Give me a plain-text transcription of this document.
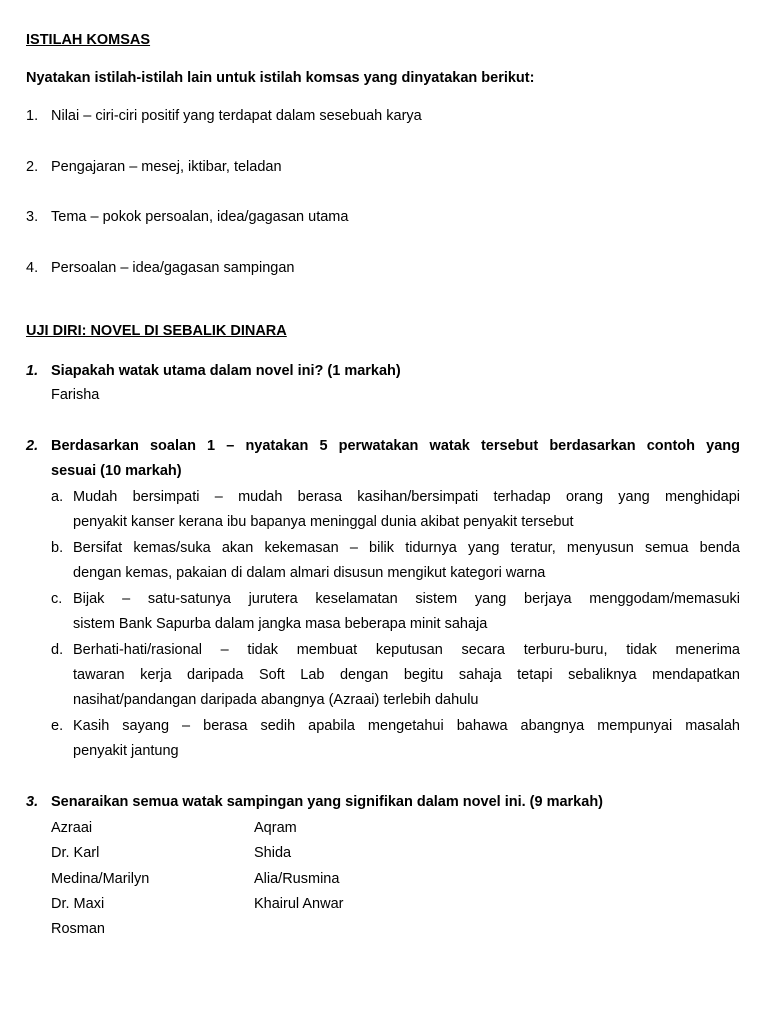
ISTILAH KOMSAS
Nyatakan istilah-istilah lain untuk istilah komsas yang dinyatakan berikut:
1. Nilai – ciri-ciri positif yang terdapat dalam sesebuah karya
2. Pengajaran – mesej, iktibar, teladan
3. Tema – pokok persoalan, idea/gagasan utama
4. Persoalan – idea/gagasan sampingan
UJI DIRI: NOVEL DI SEBALIK DINARA
1. Siapakah watak utama dalam novel ini? (1 markah)
Farisha
2. Berdasarkan soalan 1 – nyatakan 5 perwatakan watak tersebut berdasarkan contoh yang
sesuai (10 markah)
a. Mudah bersimpati – mudah berasa kasihan/bersimpati terhadap orang yang menghidapi
penyakit kanser kerana ibu bapanya meninggal dunia akibat penyakit tersebut
b. Bersifat kemas/suka akan kekemasan – bilik tidurnya yang teratur, menyusun semua benda
dengan kemas, pakaian di dalam almari disusun mengikut kategori warna
c. Bijak – satu-satunya jurutera keselamatan sistem yang berjaya menggodam/memasuki
sistem Bank Sapurba dalam jangka masa beberapa minit sahaja
d. Berhati-hati/rasional – tidak membuat keputusan secara terburu-buru, tidak menerima
tawaran kerja daripada Soft Lab dengan begitu sahaja tetapi sebaliknya mendapatkan
nasihat/pandangan daripada abangnya (Azraai) terlebih dahulu
e. Kasih sayang – berasa sedih apabila mengetahui bahawa abangnya mempunyai masalah
penyakit jantung
3. Senaraikan semua watak sampingan yang signifikan dalam novel ini. (9 markah)
Azraai
Dr. Karl
Medina/Marilyn
Dr. Maxi
Rosman
Aqram
Shida
Alia/Rusmina
Khairul Anwar
